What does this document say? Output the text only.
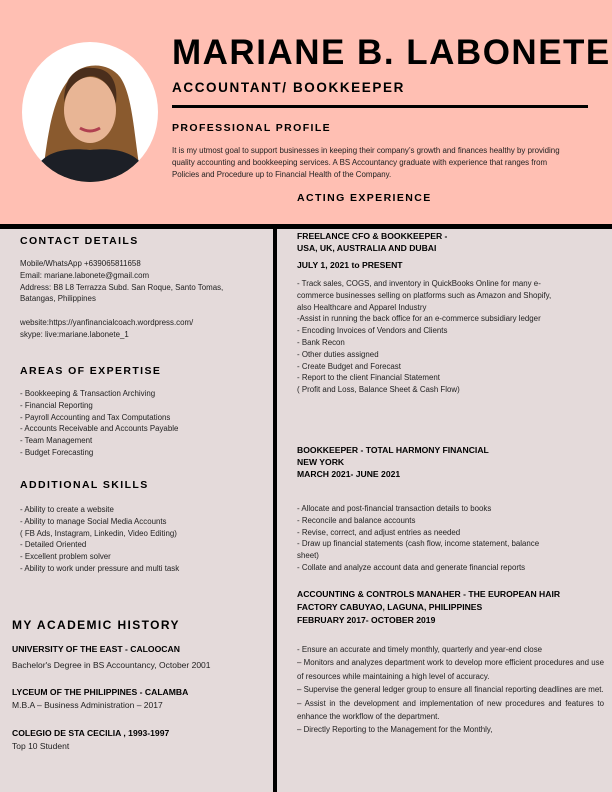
MARIANE B. LABONETE
ACCOUNTANT/ BOOKKEEPER
PROFESSIONAL PROFILE
It is my utmost goal to support businesses in keeping their company’s growth and finances healthy by providing quality accounting and bookkeeping services. A BS Accountancy graduate with experience that ranges from Policies and Procedure up to Financial Health of the Company.
ACTING EXPERIENCE
CONTACT DETAILS
Mobile/WhatsApp +639065811658
Email: mariane.labonete@gmail.com
Address: B8 L8 Terrazza Subd. San Roque, Santo Tomas,
Batangas, Philippines
website:https://yanfinancialcoach.wordpress.com/
skype: live:mariane.labonete_1
AREAS OF EXPERTISE
- Bookkeeping & Transaction Archiving
- Financial Reporting
- Payroll Accounting and Tax Computations
- Accounts Receivable and Accounts Payable
- Team Management
- Budget Forecasting
ADDITIONAL SKILLS
- Ability to create a website
- Ability to manage Social Media Accounts
( FB Ads, Instagram, Linkedin, Video Editing)
- Detailed Oriented
- Excellent problem solver
- Ability to work under pressure and multi task
MY ACADEMIC HISTORY
UNIVERSITY OF THE EAST - CALOOCAN
Bachelor's Degree in BS Accountancy, October 2001
LYCEUM OF THE PHILIPPINES - CALAMBA
M.B.A – Business Administration – 2017
COLEGIO DE STA CECILIA , 1993-1997
Top 10 Student
FREELANCE CFO & BOOKKEEPER -
USA, UK, AUSTRALIA AND DUBAI
JULY 1, 2021 to PRESENT
- Track sales, COGS, and inventory in QuickBooks Online for many e-
commerce businesses selling on platforms such as Amazon and Shopify,
also Healthcare and Apparel Industry
-Assist in running the back office for an e-commerce subsidiary ledger
- Encoding Invoices of Vendors and Clients
- Bank Recon
- Other duties assigned
- Create Budget and Forecast
- Report to the client Financial Statement
( Profit and Loss, Balance Sheet & Cash Flow)
BOOKKEEPER - TOTAL HARMONY FINANCIAL
NEW YORK
MARCH 2021- JUNE 2021
- Allocate and post-financial transaction details to books
- Reconcile and balance accounts
- Revise, correct, and adjust entries as needed
- Draw up financial statements (cash flow, income statement, balance
sheet)
- Collate and analyze account data and generate financial reports
ACCOUNTING & CONTROLS MANAHER - THE EUROPEAN HAIR
FACTORY CABUYAO, LAGUNA, PHILIPPINES
FEBRUARY 2017- OCTOBER 2019
- Ensure an accurate and timely monthly, quarterly and year-end close
– Monitors and analyzes department work to develop more efficient procedures and use of resources while maintaining a high level of accuracy.
– Supervise the general ledger group to ensure all financial reporting deadlines are met.
– Assist in the development and implementation of new procedures and features to enhance the workflow of the department.
– Directly Reporting to the Management for the Monthly,
